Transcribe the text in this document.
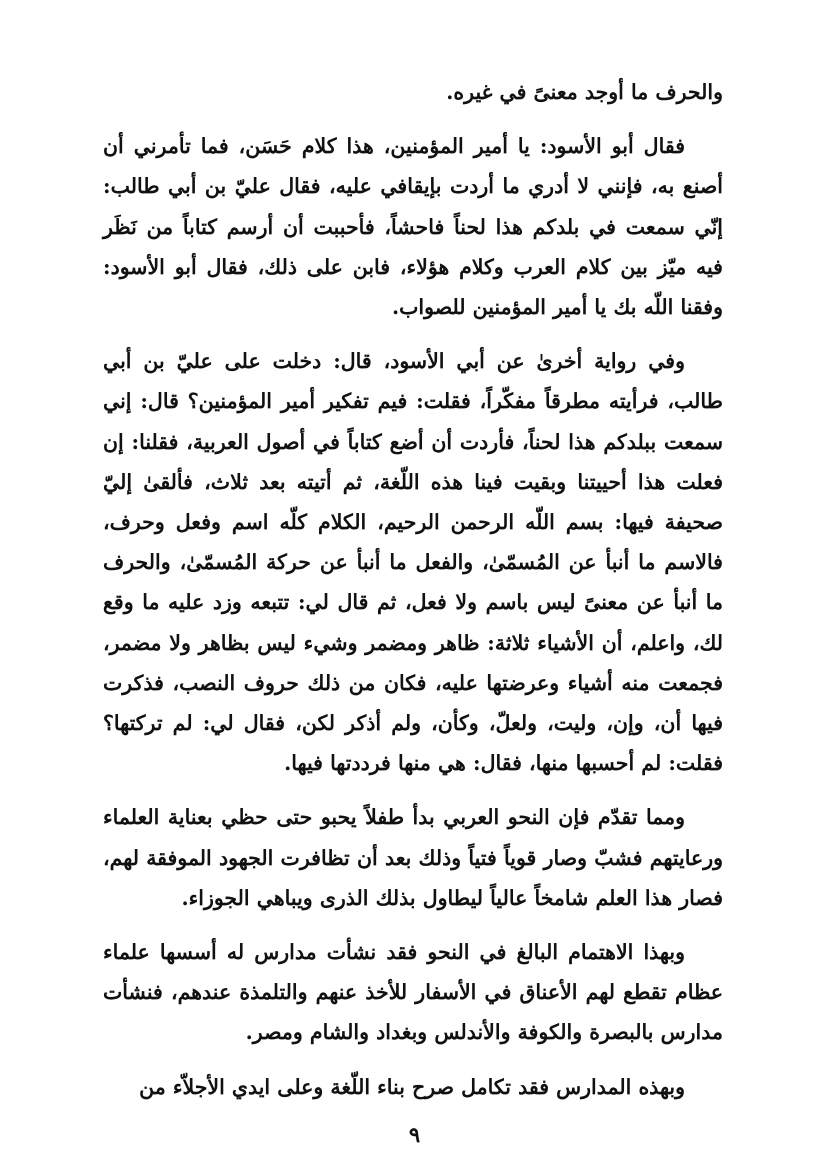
والحرف ما أوجد معنىً في غيره.

فقال أبو الأسود: يا أمير المؤمنين، هذا كلام حَسَن، فما تأمرني أن أصنع به، فإنني لا أدري ما أردت بإيقافي عليه، فقال عليّ بن أبي طالب: إنّي سمعت في بلدكم هذا لحناً فاحشاً، فأحببت أن أرسم كتاباً من نَظَر فيه ميّز بين كلام العرب وكلام هؤلاء، فابن على ذلك، فقال أبو الأسود: وفقنا اللّه بك يا أمير المؤمنين للصواب.

وفي رواية أخرىٰ عن أبي الأسود، قال: دخلت على عليّ بن أبي طالب، فرأيته مطرقاً مفكّراً، فقلت: فيم تفكير أمير المؤمنين؟ قال: إني سمعت ببلدكم هذا لحناً، فأردت أن أضع كتاباً في أصول العربية، فقلنا: إن فعلت هذا أحييتنا وبقيت فينا هذه اللّغة، ثم أتيته بعد ثلاث، فألقىٰ إليّ صحيفة فيها: بسم اللّه الرحمن الرحيم، الكلام كلّه اسم وفعل وحرف، فالاسم ما أنبأ عن المُسمّىٰ، والفعل ما أنبأ عن حركة المُسمّىٰ، والحرف ما أنبأ عن معنىً ليس باسم ولا فعل، ثم قال لي: تتبعه وزد عليه ما وقع لك، واعلم، أن الأشياء ثلاثة: ظاهر ومضمر وشيء ليس بظاهر ولا مضمر، فجمعت منه أشياء وعرضتها عليه، فكان من ذلك حروف النصب، فذكرت فيها أن، وإن، وليت، ولعلّ، وكأن، ولم أذكر لكن، فقال لي: لم تركتها؟ فقلت: لم أحسبها منها، فقال: هي منها فرددتها فيها.

ومما تقدّم فإن النحو العربي بدأ طفلاً يحبو حتى حظي بعناية العلماء ورعايتهم فشبّ وصار قوياً فتياً وذلك بعد أن تظافرت الجهود الموفقة لهم، فصار هذا العلم شامخاً عالياً ليطاول بذلك الذرى ويباهي الجوزاء.

وبهذا الاهتمام البالغ في النحو فقد نشأت مدارس له أسسها علماء عظام تقطع لهم الأعناق في الأسفار للأخذ عنهم والتلمذة عندهم، فنشأت مدارس بالبصرة والكوفة والأندلس وبغداد والشام ومصر.

وبهذه المدارس فقد تكامل صرح بناء اللّغة وعلى ايدي الأجلاّء من

٩
